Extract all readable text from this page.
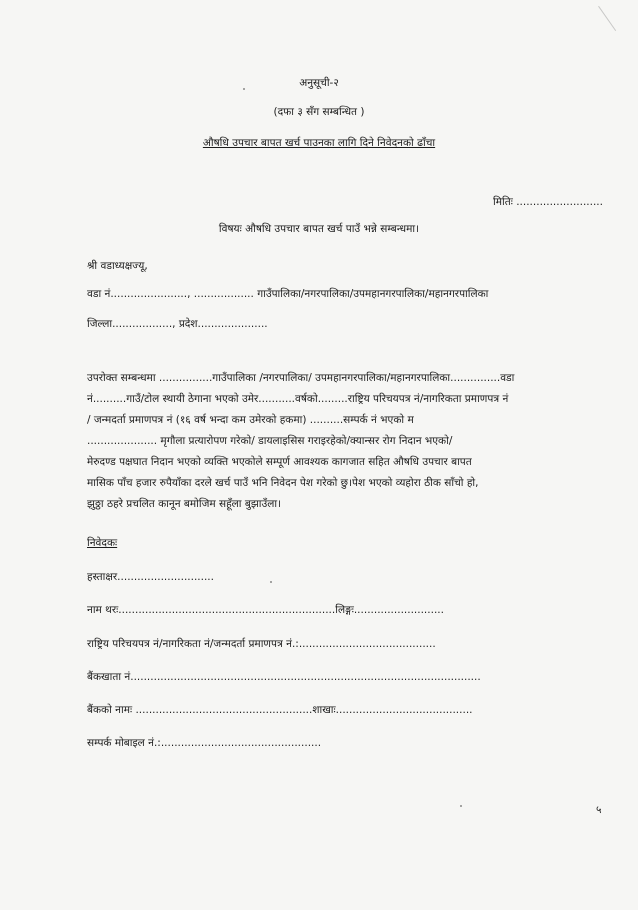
अनुसूची-२
(दफा ३ सँग सम्बन्धित )
औषधि उपचार बापत खर्च पाउनका लागि दिने निवेदनको ढाँचा
मितिः ..........................
विषयः औषधि उपचार बापत खर्च पाउँ भन्ने सम्बन्धमा।
श्री वडाध्यक्षज्यू,
वडा नं......................., .................. गाउँपालिका/नगरपालिका/उपमहानगरपालिका/महानगरपालिका
जिल्ला.................., प्रदेश.....................
उपरोक्त सम्बन्धमा ................गाउँपालिका /नगरपालिका/ उपमहानगरपालिका/महानगरपालिका...............वडा
नं..........गाउँ/टोल स्थायी ठेगाना भएको उमेर...........वर्षको.........राष्ट्रिय परिचयपत्र नं/नागरिकता प्रमाणपत्र नं
/ जन्मदर्ता प्रमाणपत्र नं (१६ वर्ष भन्दा कम उमेरको हकमा) ..........सम्पर्क नं भएको म
..................... मृगौला प्रत्यारोपण गरेको/ डायलाइसिस गराइरहेको/क्यान्सर रोग निदान भएको/
मेरुदण्ड पक्षघात निदान भएको व्यक्ति भएकोले सम्पूर्ण आवश्यक कागजात सहित औषधि उपचार बापत
मासिक पाँच हजार रुपैयाँका दरले खर्च पाउँ भनि निवेदन पेश गरेको छु।पेश भएको व्यहोरा ठीक साँचो हो,
झुठ्ठा ठहरे प्रचलित कानून बमोजिम सहूँला बुझाउँला।
निवेदकः
हस्ताक्षर.............................
नाम थरः.................................................................लिङ्गः...........................
राष्ट्रिय परिचयपत्र नं/नागरिकता नं/जन्मदर्ता प्रमाणपत्र नं.:.........................................
बैंकखाता नं.........................................................................................................
बैंकको नामः .....................................................शाखाः.........................................
सम्पर्क मोबाइल नं.:................................................
५
